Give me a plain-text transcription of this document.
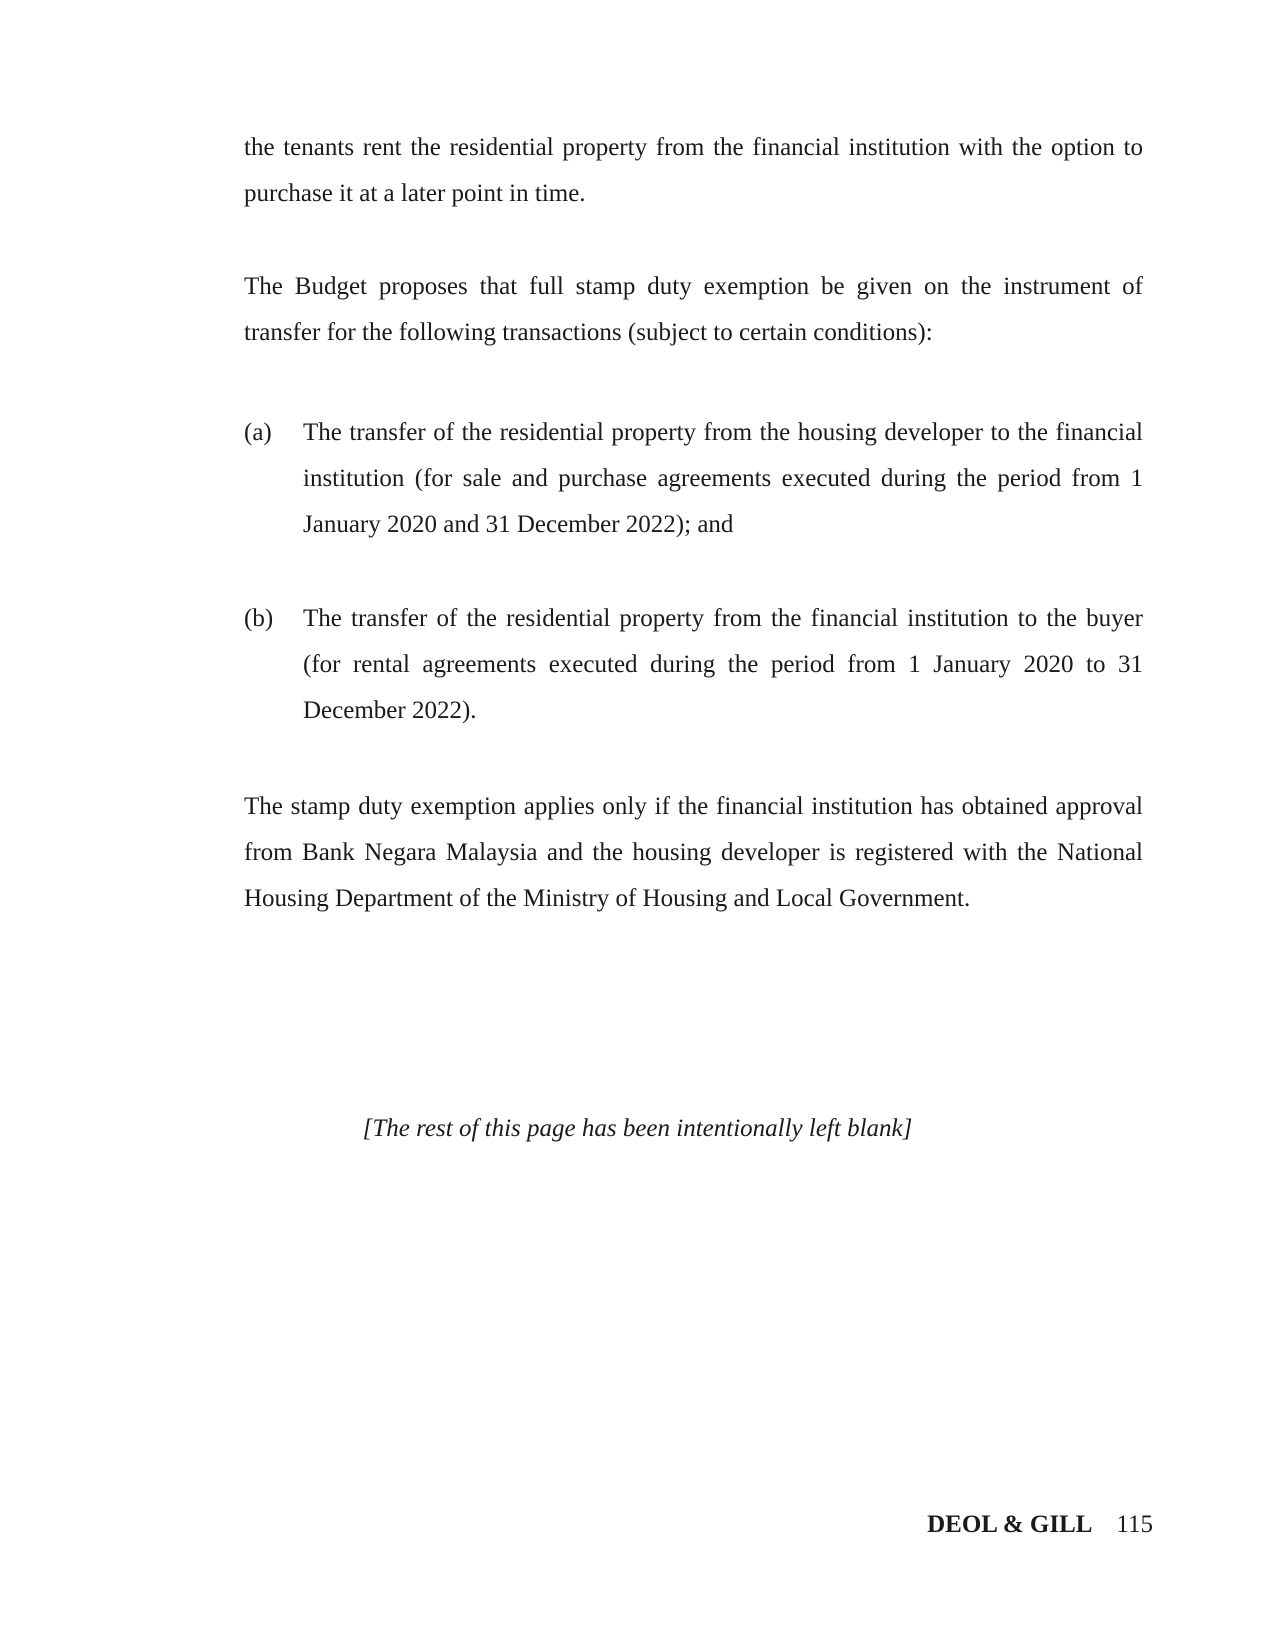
the tenants rent the residential property from the financial institution with the option to purchase it at a later point in time.

The Budget proposes that full stamp duty exemption be given on the instrument of transfer for the following transactions (subject to certain conditions):

(a) The transfer of the residential property from the housing developer to the financial institution (for sale and purchase agreements executed during the period from 1 January 2020 and 31 December 2022); and
(b) The transfer of the residential property from the financial institution to the buyer (for rental agreements executed during the period from 1 January 2020 to 31 December 2022).

The stamp duty exemption applies only if the financial institution has obtained approval from Bank Negara Malaysia and the housing developer is registered with the National Housing Department of the Ministry of Housing and Local Government.

[The rest of this page has been intentionally left blank]
DEOL & GILL 115
